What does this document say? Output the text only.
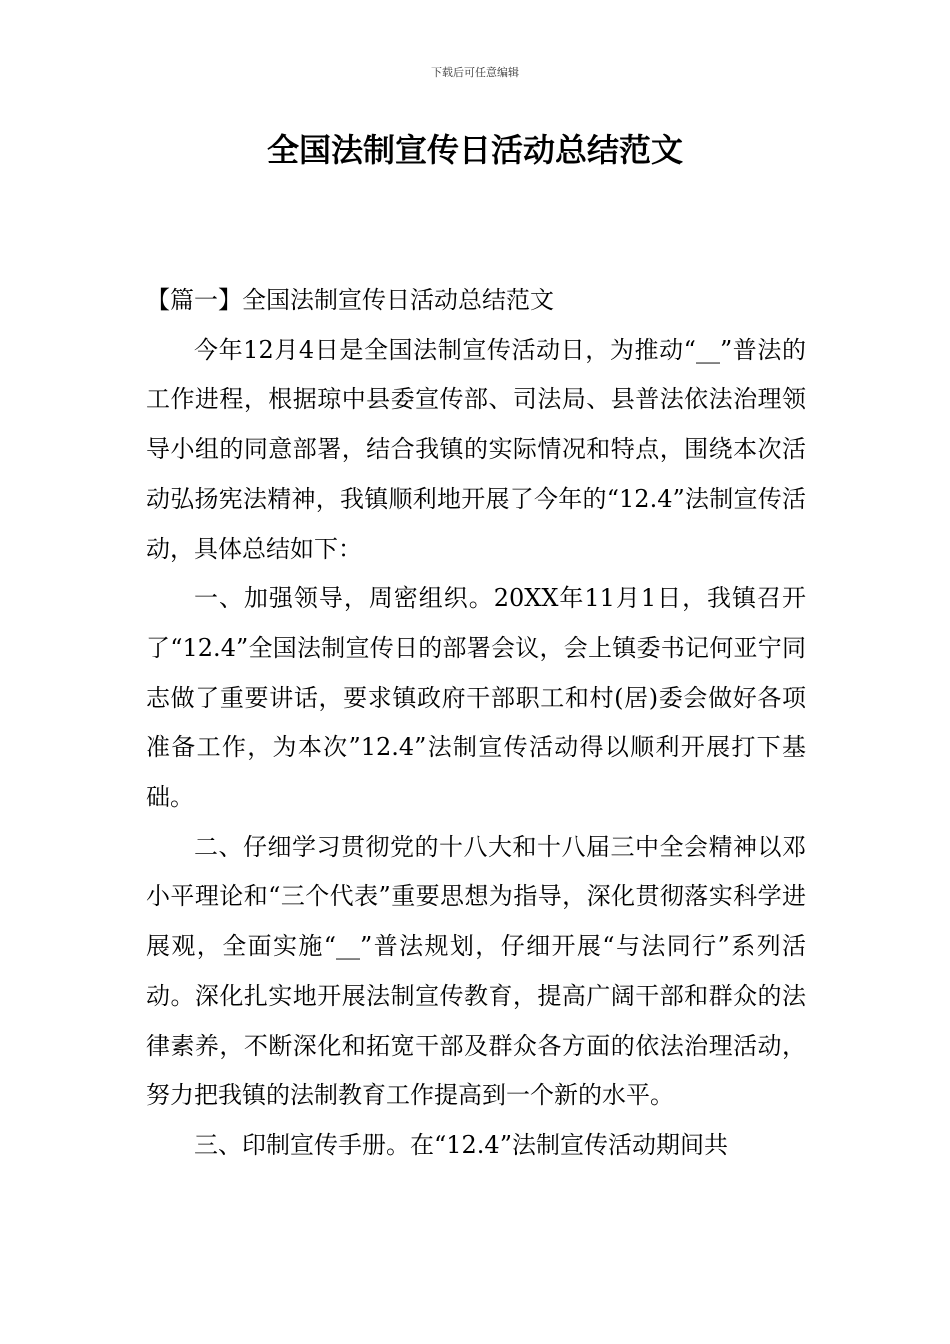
下载后可任意编辑
全国法制宣传日活动总结范文

【篇一】全国法制宣传日活动总结范文

今年12月4日是全国法制宣传活动日，为推动“__”普法的工作进程，根据琼中县委宣传部、司法局、县普法依法治理领导小组的同意部署，结合我镇的实际情况和特点，围绕本次活动弘扬宪法精神，我镇顺利地开展了今年的“12.4”法制宣传活动，具体总结如下：

一、加强领导，周密组织。20XX年11月1日，我镇召开了“12.4”全国法制宣传日的部署会议，会上镇委书记何亚宁同志做了重要讲话，要求镇政府干部职工和村(居)委会做好各项准备工作，为本次”12.4”法制宣传活动得以顺利开展打下基础。

二、仔细学习贯彻党的十八大和十八届三中全会精神以邓小平理论和“三个代表”重要思想为指导，深化贯彻落实科学进展观，全面实施“__”普法规划，仔细开展“与法同行”系列活动。深化扎实地开展法制宣传教育，提高广阔干部和群众的法律素养，不断深化和拓宽干部及群众各方面的依法治理活动，努力把我镇的法制教育工作提高到一个新的水平。

三、印制宣传手册。在“12.4”法制宣传活动期间共
